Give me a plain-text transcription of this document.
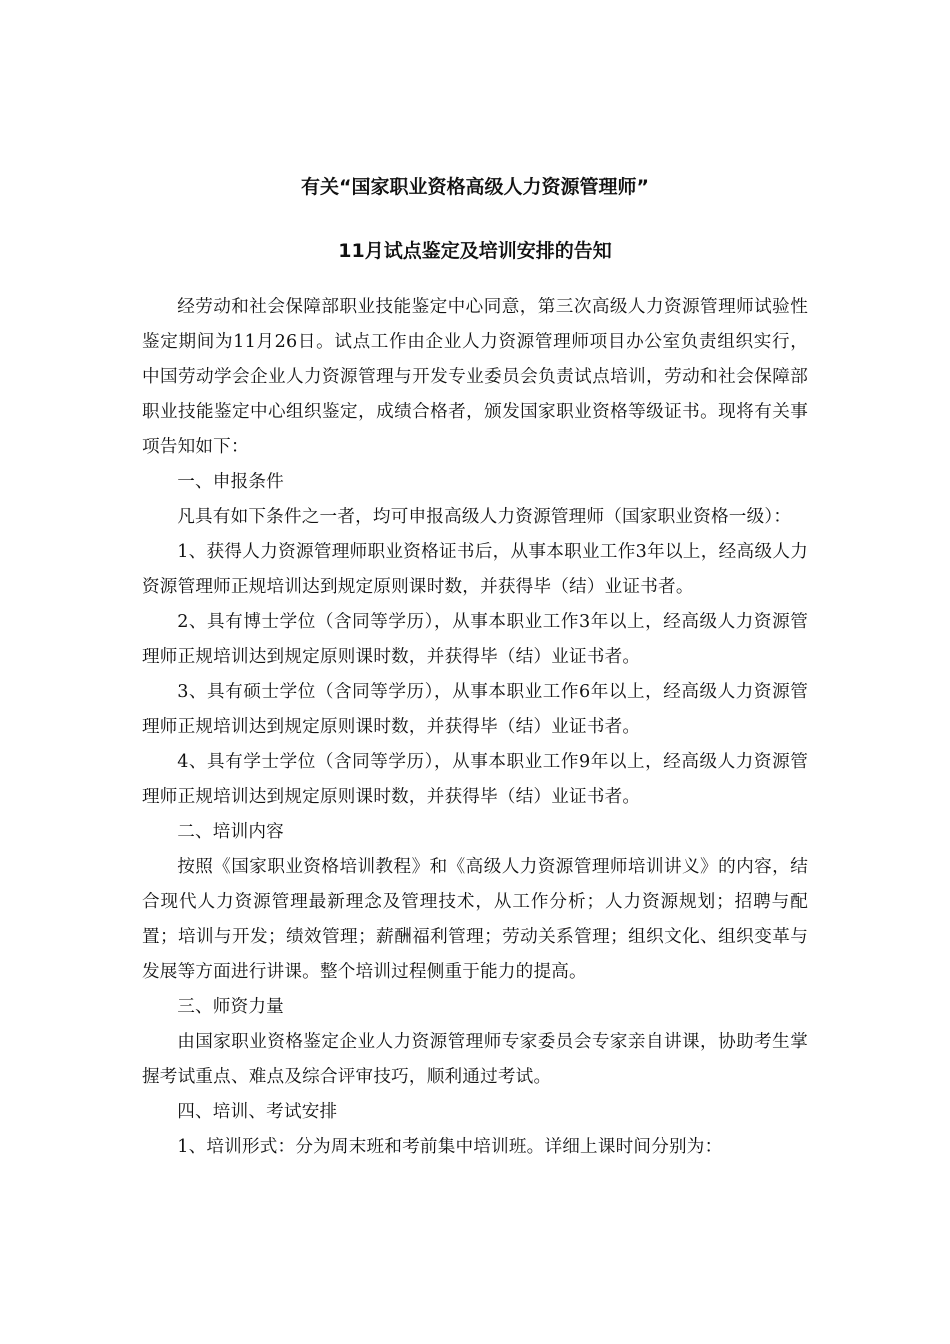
有关“国家职业资格高级人力资源管理师”
11月试点鉴定及培训安排的告知

经劳动和社会保障部职业技能鉴定中心同意，第三次高级人力资源管理师试验性鉴定期间为11月26日。试点工作由企业人力资源管理师项目办公室负责组织实行，中国劳动学会企业人力资源管理与开发专业委员会负责试点培训，劳动和社会保障部职业技能鉴定中心组织鉴定，成绩合格者，颁发国家职业资格等级证书。现将有关事项告知如下：

一、申报条件

凡具有如下条件之一者，均可申报高级人力资源管理师（国家职业资格一级）：

1、获得人力资源管理师职业资格证书后，从事本职业工作3年以上，经高级人力资源管理师正规培训达到规定原则课时数，并获得毕（结）业证书者。

2、具有博士学位（含同等学历），从事本职业工作3年以上，经高级人力资源管理师正规培训达到规定原则课时数，并获得毕（结）业证书者。

3、具有硕士学位（含同等学历），从事本职业工作6年以上，经高级人力资源管理师正规培训达到规定原则课时数，并获得毕（结）业证书者。

4、具有学士学位（含同等学历），从事本职业工作9年以上，经高级人力资源管理师正规培训达到规定原则课时数，并获得毕（结）业证书者。

二、培训内容

按照《国家职业资格培训教程》和《高级人力资源管理师培训讲义》的内容，结合现代人力资源管理最新理念及管理技术，从工作分析；人力资源规划；招聘与配置；培训与开发；绩效管理；薪酬福利管理；劳动关系管理；组织文化、组织变革与发展等方面进行讲课。整个培训过程侧重于能力的提高。

三、师资力量

由国家职业资格鉴定企业人力资源管理师专家委员会专家亲自讲课，协助考生掌握考试重点、难点及综合评审技巧，顺利通过考试。

四、培训、考试安排

1、培训形式：分为周末班和考前集中培训班。详细上课时间分别为：
